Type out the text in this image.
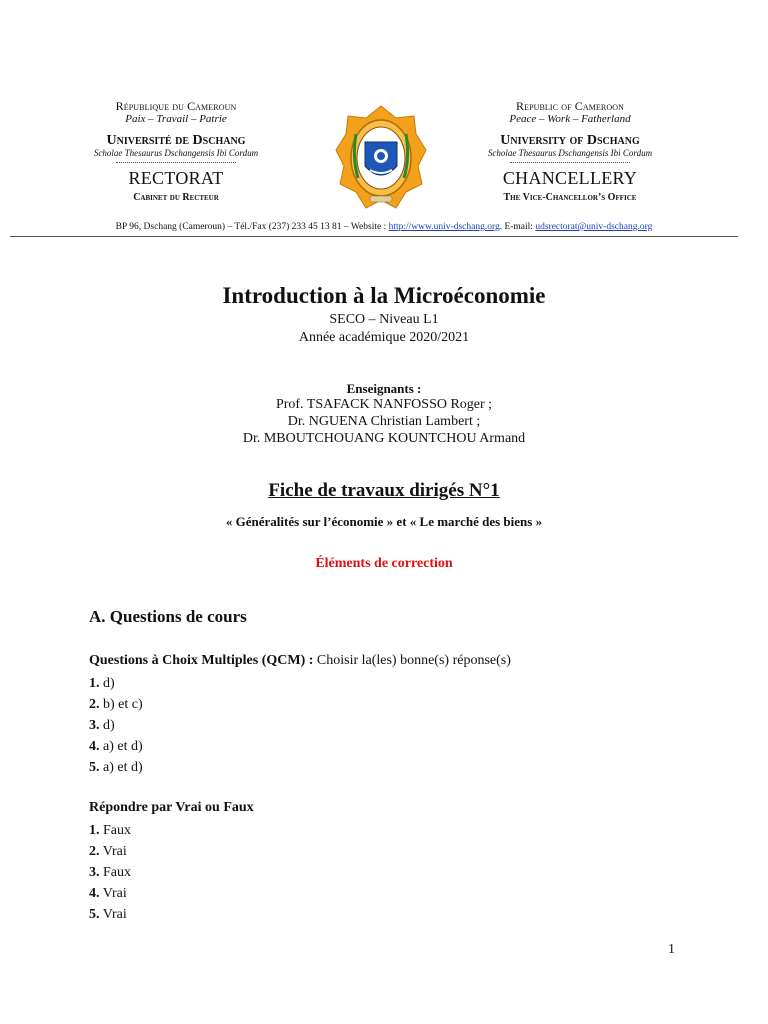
République du Cameroun
Paix – Travail – Patrie
Université de Dschang
Scholae Thesaurus Dschangensis Ibi Cordum
RECTORAT
Cabinet du Recteur
Republic of Cameroon
Peace – Work – Fatherland
University of Dschang
Scholae Thesaurus Dschangensis Ibi Cordum
CHANCELLERY
The Vice-Chancellor’s Office
BP 96, Dschang (Cameroun) – Tél./Fax (237) 233 45 13 81 – Website : http://www.univ-dschang.org. E-mail: udsrectorat@univ-dschang.org
Introduction à la Microéconomie
SECO – Niveau L1
Année académique 2020/2021
Enseignants :
Prof. TSAFACK NANFOSSO Roger ;
Dr. NGUENA Christian Lambert ;
Dr. MBOUTCHOUANG KOUNTCHOU Armand
Fiche de travaux dirigés N°1
« Généralités sur l’économie » et « Le marché des biens »
Éléments de correction
A. Questions de cours
Questions à Choix Multiples (QCM) : Choisir la(les) bonne(s) réponse(s)
1. d)
2. b) et c)
3. d)
4. a) et d)
5. a) et d)
Répondre par Vrai ou Faux
1. Faux
2. Vrai
3. Faux
4. Vrai
5. Vrai
1
